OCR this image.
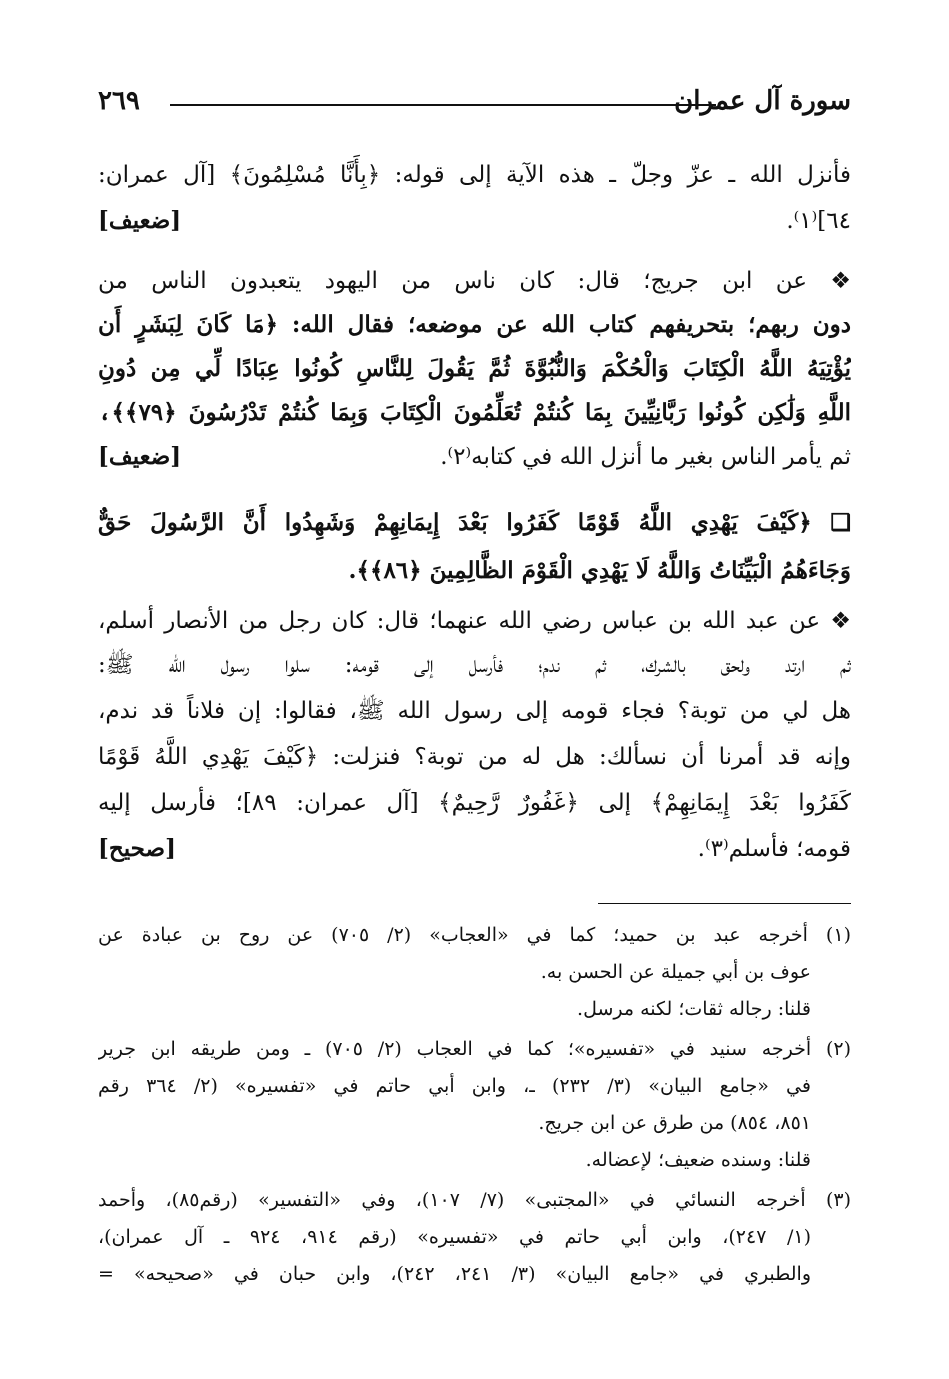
سورة آل عمران
٢٦٩
فأنزل الله ـ عزّ وجلّ ـ هذه الآية إلى قوله: ﴿بِأَنَّا مُسْلِمُونَ﴾ [آل عمران:
٦٤]⁽١⁾.
[ضعيف]
❖ عن ابن جريج؛ قال: كان ناس من اليهود يتعبدون الناس من
دون ربهم؛ بتحريفهم كتاب الله عن موضعه؛ فقال الله: ﴿مَا كَانَ لِبَشَرٍ أَن
يُؤْتِيَهُ اللَّهُ الْكِتَابَ وَالْحُكْمَ وَالنُّبُوَّةَ ثُمَّ يَقُولَ لِلنَّاسِ كُونُوا عِبَادًا لِّي مِن دُونِ
اللَّهِ وَلَٰكِن كُونُوا رَبَّانِيِّينَ بِمَا كُنتُمْ تُعَلِّمُونَ الْكِتَابَ وَبِمَا كُنتُمْ تَدْرُسُونَ ﴿٧٩﴾﴾،
ثم يأمر الناس بغير ما أنزل الله في كتابه⁽٢⁾.
[ضعيف]
❑ ﴿كَيْفَ يَهْدِي اللَّهُ قَوْمًا كَفَرُوا بَعْدَ إِيمَانِهِمْ وَشَهِدُوا أَنَّ الرَّسُولَ حَقٌّ
وَجَاءَهُمُ الْبَيِّنَاتُ وَاللَّهُ لَا يَهْدِي الْقَوْمَ الظَّالِمِينَ ﴿٨٦﴾﴾.
❖ عن عبد الله بن عباس رضي الله عنهما؛ قال: كان رجل من الأنصار أسلم،
ثم ارتد ولحق بالشرك، ثم ندم؛ فأرسل إلى قومه: سلوا رسول الله ﷺ:
هل لي من توبة؟ فجاء قومه إلى رسول الله ﷺ، فقالوا: إن فلاناً قد ندم،
وإنه قد أمرنا أن نسألك: هل له من توبة؟ فنزلت: ﴿كَيْفَ يَهْدِي اللَّهُ قَوْمًا
كَفَرُوا بَعْدَ إِيمَانِهِمْ﴾ إلى ﴿غَفُورٌ رَّحِيمٌ﴾ [آل عمران: ٨٩]؛ فأرسل إليه
قومه؛ فأسلم⁽٣⁾.
[صحيح]
(١) أخرجه عبد بن حميد؛ كما في «العجاب» (٢/ ٧٠٥) عن روح بن عبادة عن
عوف بن أبي جميلة عن الحسن به.
قلنا: رجاله ثقات؛ لكنه مرسل.
(٢) أخرجه سنيد في «تفسيره»؛ كما في العجاب (٢/ ٧٠٥) ـ ومن طريقه ابن جرير
في «جامع البيان» (٣/ ٢٣٢) ـ، وابن أبي حاتم في «تفسيره» (٢/ ٣٦٤ رقم
٨٥١، ٨٥٤) من طرق عن ابن جريج.
قلنا: وسنده ضعيف؛ لإعضاله.
(٣) أخرجه النسائي في «المجتبى» (٧/ ١٠٧)، وفي «التفسير» (رقم٨٥)، وأحمد
(١/ ٢٤٧)، وابن أبي حاتم في «تفسيره» (رقم ٩١٤، ٩٢٤ ـ آل عمران)،
والطبري في «جامع البيان» (٣/ ٢٤١، ٢٤٢)، وابن حبان في «صحيحه» =
